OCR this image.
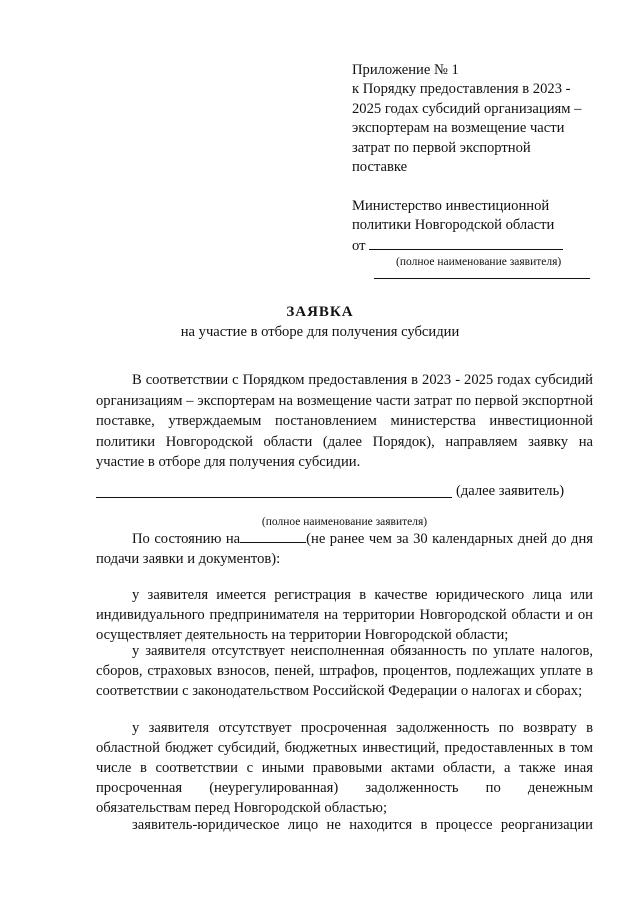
Приложение № 1
к Порядку предоставления в 2023 -
2025 годах субсидий организациям –
экспортерам на возмещение части
затрат по первой экспортной
поставке
Министерство инвестиционной
политики Новгородской области
от
(полное наименование заявителя)
ЗАЯВКА
на участие в отборе для получения субсидии
В соответствии с Порядком предоставления в 2023 - 2025 годах субсидий организациям – экспортерам на возмещение части затрат по первой экспортной поставке, утверждаемым постановлением министерства инвестиционной политики Новгородской области (далее Порядок), направляем заявку на участие в отборе для получения субсидии.
(далее заявитель)
(полное наименование заявителя)
По состоянию на	(не ранее чем за 30 календарных дней до дня подачи заявки и документов):
у заявителя имеется регистрация в качестве юридического лица или индивидуального предпринимателя на территории Новгородской области и он осуществляет деятельность на территории Новгородской области;
у заявителя отсутствует неисполненная обязанность по уплате налогов, сборов, страховых взносов, пеней, штрафов, процентов, подлежащих уплате в соответствии с законодательством Российской Федерации о налогах и сборах;
у заявителя отсутствует просроченная задолженность по возврату в областной бюджет субсидий, бюджетных инвестиций, предоставленных в том числе в соответствии с иными правовыми актами области, а также иная просроченная (неурегулированная) задолженность по денежным обязательствам перед Новгородской областью;
заявитель-юридическое лицо не находится в процессе реорганизации
